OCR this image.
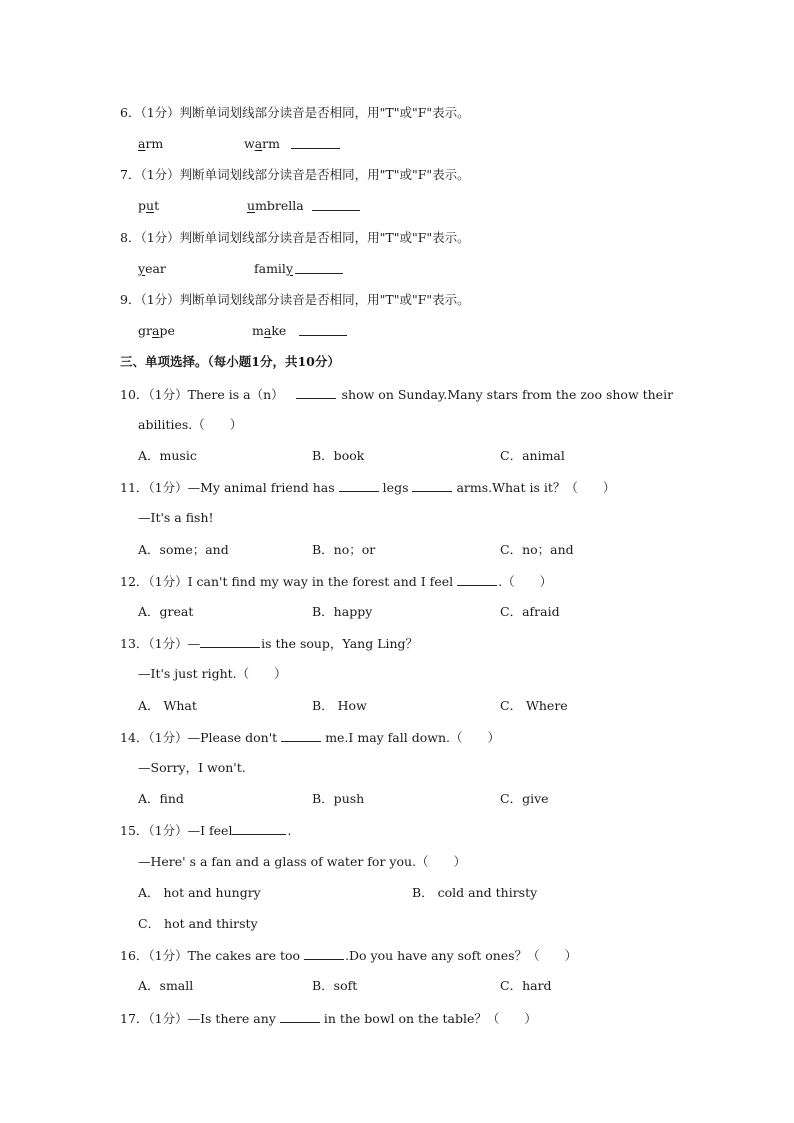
6．（1分）判断单词划线部分读音是否相同，用"T"或"F"表示。
arm	warm
7．（1分）判断单词划线部分读音是否相同，用"T"或"F"表示。
put	umbrella
8．（1分）判断单词划线部分读音是否相同，用"T"或"F"表示。
year	family
9．（1分）判断单词划线部分读音是否相同，用"T"或"F"表示。
grape	make
三、单项选择。（每小题1分，共10分）
10．（1分）There is a（n）	show on Sunday.Many stars from the zoo show their
abilities.（　　）
A．music	B．book	C．animal
11．（1分）—My animal friend has	legs	arms.What is it？（　　）
—It's a fish!
A．some；and	B．no；or	C．no；and
12．（1分）I can't find my way in the forest and I feel	.（　　）
A．great	B．happy	C．afraid
13．（1分）—	is the soup，Yang Ling？
—It's just right.（　　）
A． What	B． How	C． Where
14．（1分）—Please don't	me.I may fall down.（　　）
—Sorry，I won't.
A．find	B．push	C．give
15．（1分）—I feel	.
—Here' s a fan and a glass of water for you.（　　）
A． hot and hungry	B． cold and thirsty
C． hot and thirsty
16．（1分）The cakes are too	.Do you have any soft ones？（　　）
A．small	B．soft	C．hard
17．（1分）—Is there any	in the bowl on the table？（　　）
